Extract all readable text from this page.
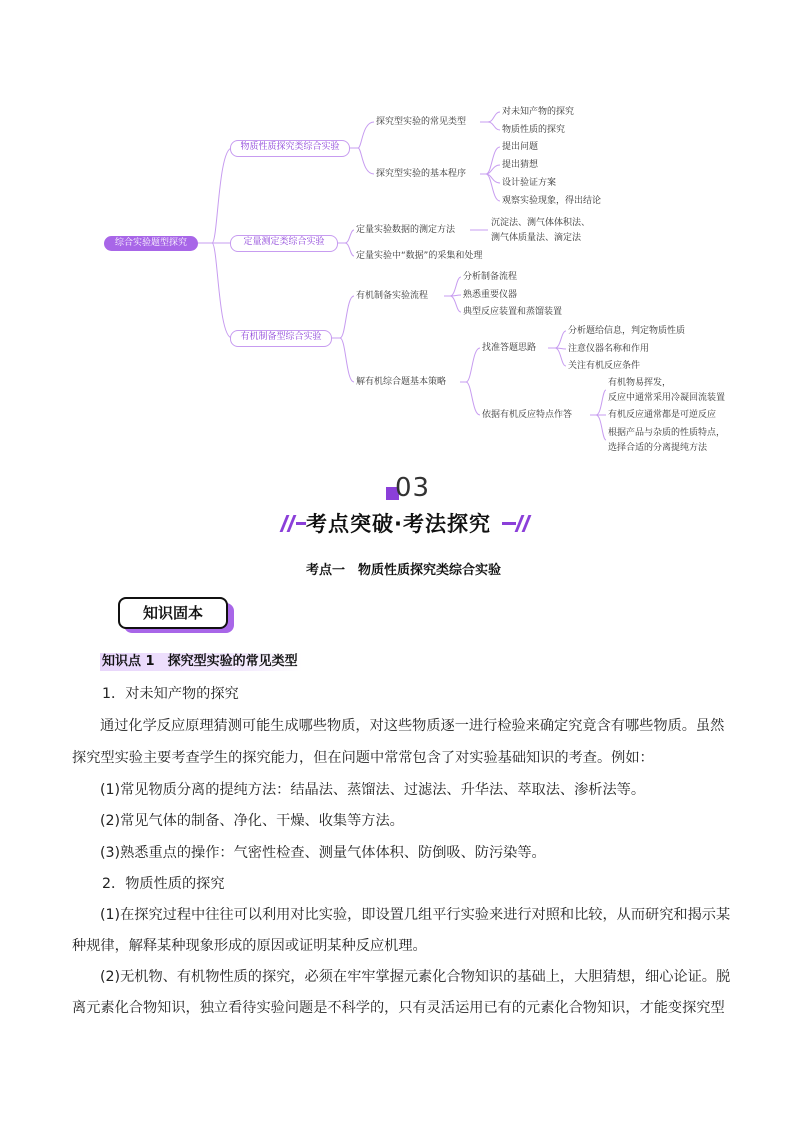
综合实验题型探究
物质性质探究类综合实验
探究型实验的常见类型
对未知产物的探究
物质性质的探究
探究型实验的基本程序
提出问题
提出猜想
设计验证方案
观察实验现象，得出结论
定量测定类综合实验
定量实验数据的测定方法
沉淀法、测气体体积法、
测气体质量法、滴定法
定量实验中“数据”的采集和处理
有机制备型综合实验
有机制备实验流程
分析制备流程
熟悉重要仪器
典型反应装置和蒸馏装置
解有机综合题基本策略
找准答题思路
分析题给信息，判定物质性质
注意仪器名称和作用
关注有机反应条件
依据有机反应特点作答
有机物易挥发，
反应中通常采用冷凝回流装置
有机反应通常都是可逆反应
根据产品与杂质的性质特点，
选择合适的分离提纯方法
03
考点突破·考法探究
考点一　物质性质探究类综合实验
知识固本
知识点 1　探究型实验的常见类型
1．对未知产物的探究
通过化学反应原理猜测可能生成哪些物质，对这些物质逐一进行检验来确定究竟含有哪些物质。虽然
探究型实验主要考查学生的探究能力，但在问题中常常包含了对实验基础知识的考查。例如：
(1)常见物质分离的提纯方法：结晶法、蒸馏法、过滤法、升华法、萃取法、渗析法等。
(2)常见气体的制备、净化、干燥、收集等方法。
(3)熟悉重点的操作：气密性检查、测量气体体积、防倒吸、防污染等。
2．物质性质的探究
(1)在探究过程中往往可以利用对比实验，即设置几组平行实验来进行对照和比较，从而研究和揭示某
种规律，解释某种现象形成的原因或证明某种反应机理。
(2)无机物、有机物性质的探究，必须在牢牢掌握元素化合物知识的基础上，大胆猜想，细心论证。脱
离元素化合物知识，独立看待实验问题是不科学的，只有灵活运用已有的元素化合物知识，才能变探究型
